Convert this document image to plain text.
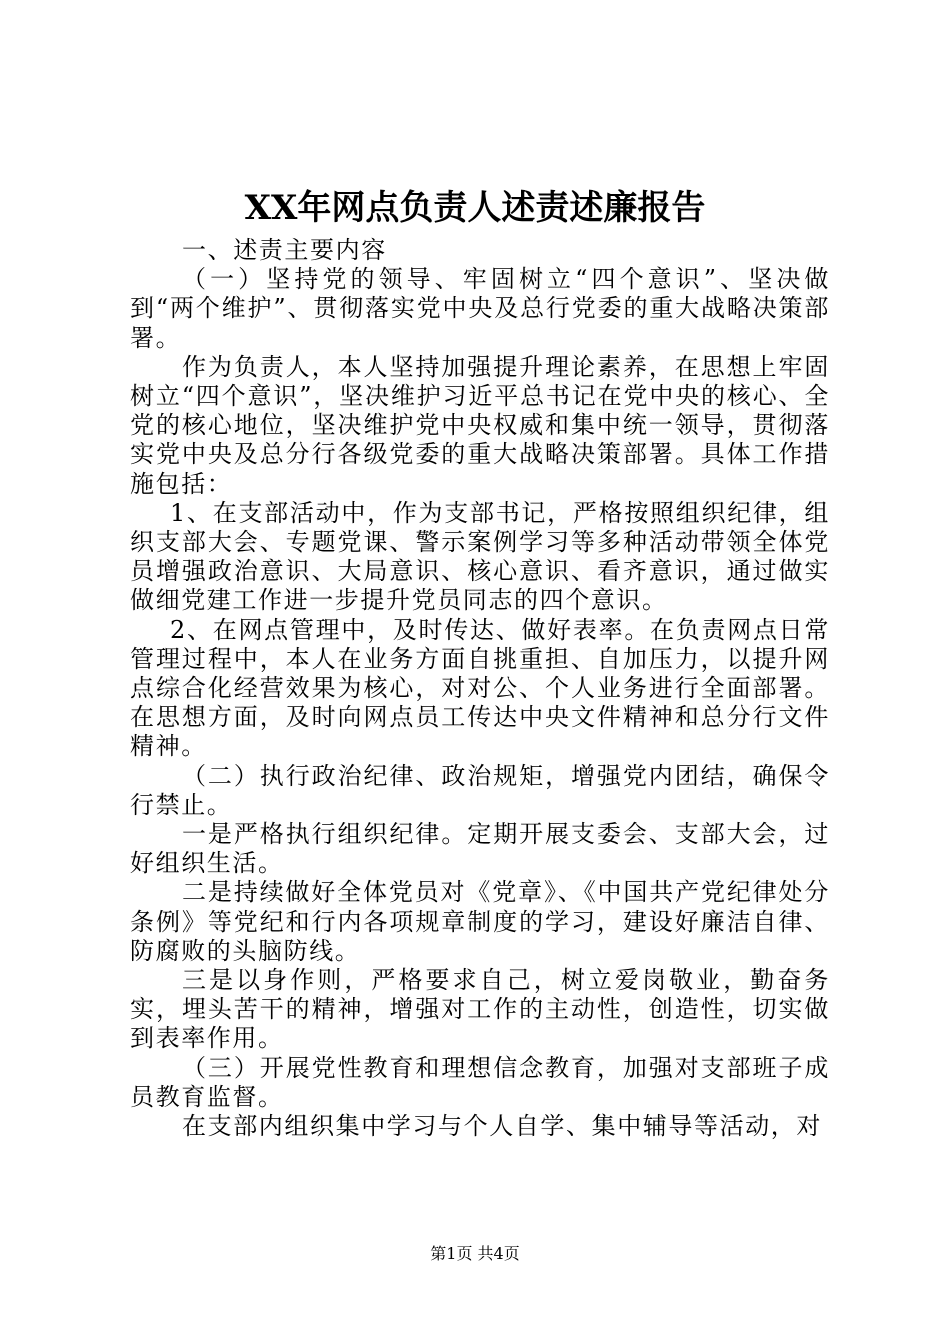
XX年网点负责人述责述廉报告

一、述责主要内容

（一）坚持党的领导、牢固树立“四个意识”、坚决做到“两个维护”、贯彻落实党中央及总行党委的重大战略决策部署。

作为负责人，本人坚持加强提升理论素养，在思想上牢固树立“四个意识”，坚决维护习近平总书记在党中央的核心、全党的核心地位，坚决维护党中央权威和集中统一领导，贯彻落实党中央及总分行各级党委的重大战略决策部署。具体工作措施包括：

1、在支部活动中，作为支部书记，严格按照组织纪律，组织支部大会、专题党课、警示案例学习等多种活动带领全体党员增强政治意识、大局意识、核心意识、看齐意识，通过做实做细党建工作进一步提升党员同志的四个意识。

2、在网点管理中，及时传达、做好表率。在负责网点日常管理过程中，本人在业务方面自挑重担、自加压力，以提升网点综合化经营效果为核心，对对公、个人业务进行全面部署。在思想方面，及时向网点员工传达中央文件精神和总分行文件精神。

（二）执行政治纪律、政治规矩，增强党内团结，确保令行禁止。

一是严格执行组织纪律。定期开展支委会、支部大会，过好组织生活。

二是持续做好全体党员对《党章》、《中国共产党纪律处分条例》等党纪和行内各项规章制度的学习，建设好廉洁自律、防腐败的头脑防线。

三是以身作则，严格要求自己，树立爱岗敬业，勤奋务实，埋头苦干的精神，增强对工作的主动性，创造性，切实做到表率作用。

（三）开展党性教育和理想信念教育，加强对支部班子成员教育监督。

在支部内组织集中学习与个人自学、集中辅导等活动，对

第1页 共4页
